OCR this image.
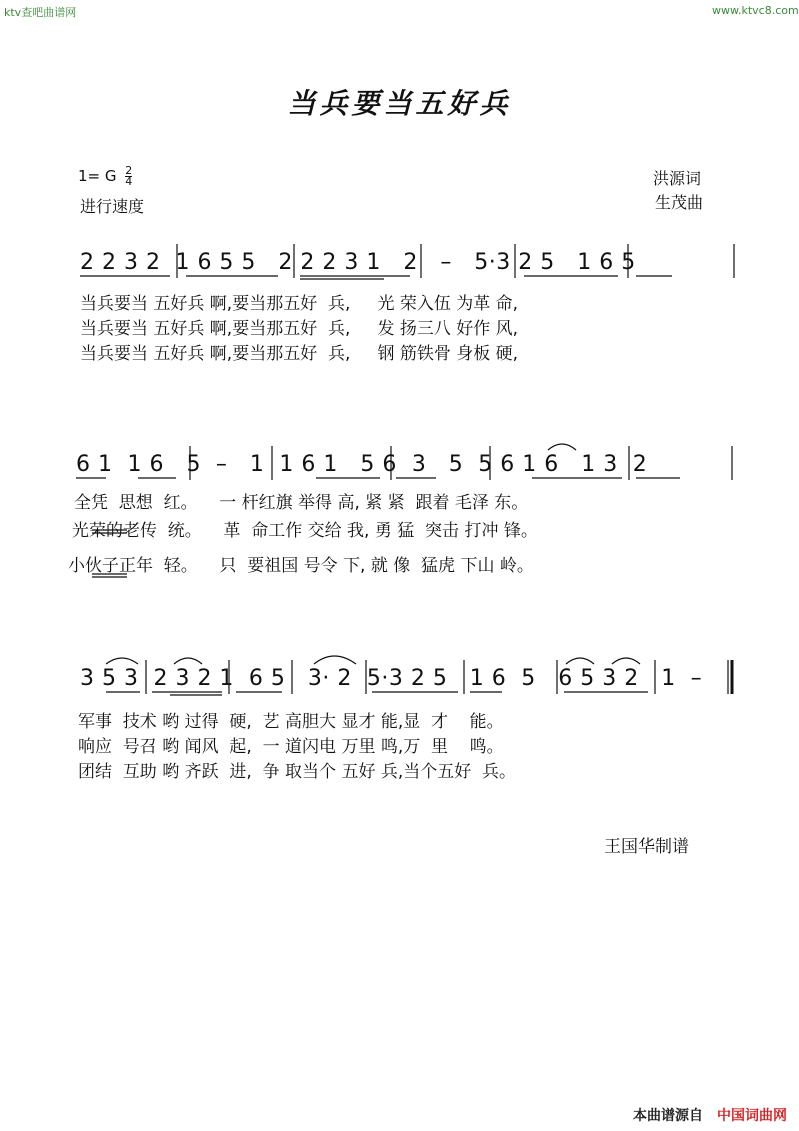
ktv查吧曲谱网	www.ktvc8.com
当兵要当五好兵
1= G $\frac{2}{4}$
进行速度
洪源词
生茂曲
2 2 3 2  1 6 5 5   2 2 2 3 1   2   –   5·3 2 5   1 6 5
当兵要当 五好兵 啊,要当那五好  兵,     光 荣入伍 为革 命,
当兵要当 五好兵 啊,要当那五好  兵,     发 扬三八 好作 风,
当兵要当 五好兵 啊,要当那五好  兵,     钢 筋铁骨 身板 硬,
6 1  1 6   5  –   1  1 6 1   5 6  3   5  5 6 1 6   1 3  2
全凭  思想  红。    一 杆红旗 举得 高, 紧 紧  跟着 毛泽 东。
光荣的老传  统。    革  命工作 交给 我, 勇 猛  突击 打冲 锋。
小伙子正年  轻。    只  要祖国 号令 下, 就 像  猛虎 下山 岭。
3 5 3  2 3 2 1  6 5   3· 2  5·3 2 5   1 6  5   6 5 3 2   1  –
军事  技术 哟 过得  硬,  艺 高胆大 显才 能,显  才    能。
响应  号召 哟 闻风  起,  一 道闪电 万里 鸣,万  里    鸣。
团结  互助 哟 齐跃  进,  争 取当个 五好 兵,当个五好  兵。
王国华制谱
本曲谱源自 中国词曲网
